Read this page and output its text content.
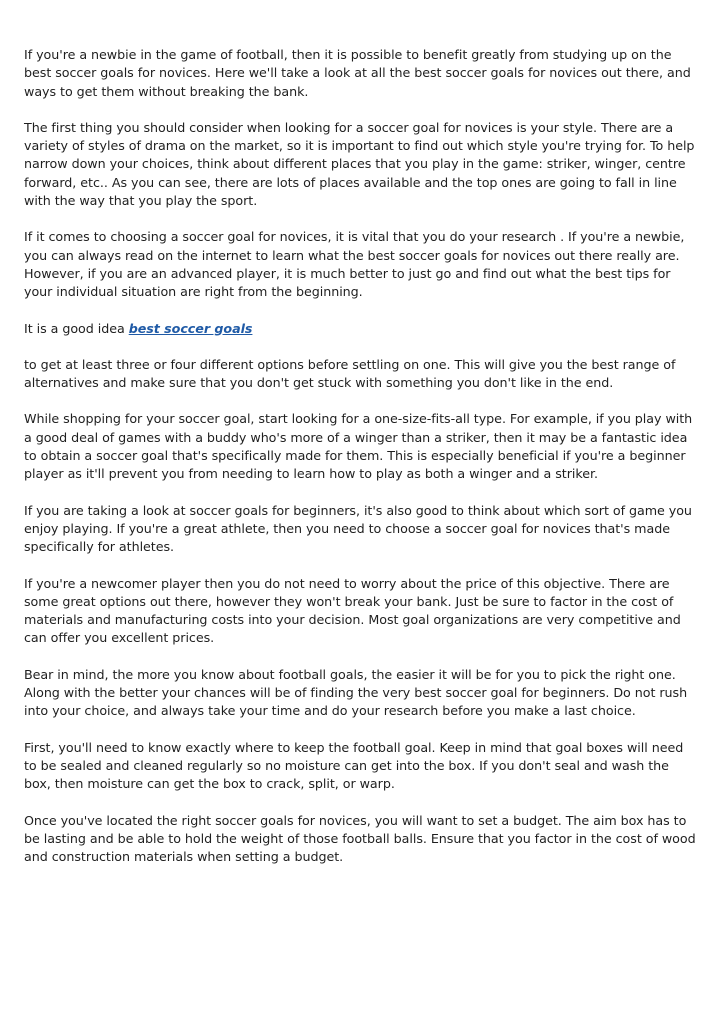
If you're a newbie in the game of football, then it is possible to benefit greatly from studying up on the best soccer goals for novices. Here we'll take a look at all the best soccer goals for novices out there, and ways to get them without breaking the bank.

The first thing you should consider when looking for a soccer goal for novices is your style. There are a variety of styles of drama on the market, so it is important to find out which style you're trying for. To help narrow down your choices, think about different places that you play in the game: striker, winger, centre forward, etc.. As you can see, there are lots of places available and the top ones are going to fall in line with the way that you play the sport.

If it comes to choosing a soccer goal for novices, it is vital that you do your research . If you're a newbie, you can always read on the internet to learn what the best soccer goals for novices out there really are. However, if you are an advanced player, it is much better to just go and find out what the best tips for your individual situation are right from the beginning.

It is a good idea best soccer goals

to get at least three or four different options before settling on one. This will give you the best range of alternatives and make sure that you don't get stuck with something you don't like in the end.

While shopping for your soccer goal, start looking for a one-size-fits-all type. For example, if you play with a good deal of games with a buddy who's more of a winger than a striker, then it may be a fantastic idea to obtain a soccer goal that's specifically made for them. This is especially beneficial if you're a beginner player as it'll prevent you from needing to learn how to play as both a winger and a striker.

If you are taking a look at soccer goals for beginners, it's also good to think about which sort of game you enjoy playing. If you're a great athlete, then you need to choose a soccer goal for novices that's made specifically for athletes.

If you're a newcomer player then you do not need to worry about the price of this objective. There are some great options out there, however they won't break your bank. Just be sure to factor in the cost of materials and manufacturing costs into your decision. Most goal organizations are very competitive and can offer you excellent prices.

Bear in mind, the more you know about football goals, the easier it will be for you to pick the right one. Along with the better your chances will be of finding the very best soccer goal for beginners. Do not rush into your choice, and always take your time and do your research before you make a last choice.

First, you'll need to know exactly where to keep the football goal. Keep in mind that goal boxes will need to be sealed and cleaned regularly so no moisture can get into the box. If you don't seal and wash the box, then moisture can get the box to crack, split, or warp.

Once you've located the right soccer goals for novices, you will want to set a budget. The aim box has to be lasting and be able to hold the weight of those football balls. Ensure that you factor in the cost of wood and construction materials when setting a budget.
